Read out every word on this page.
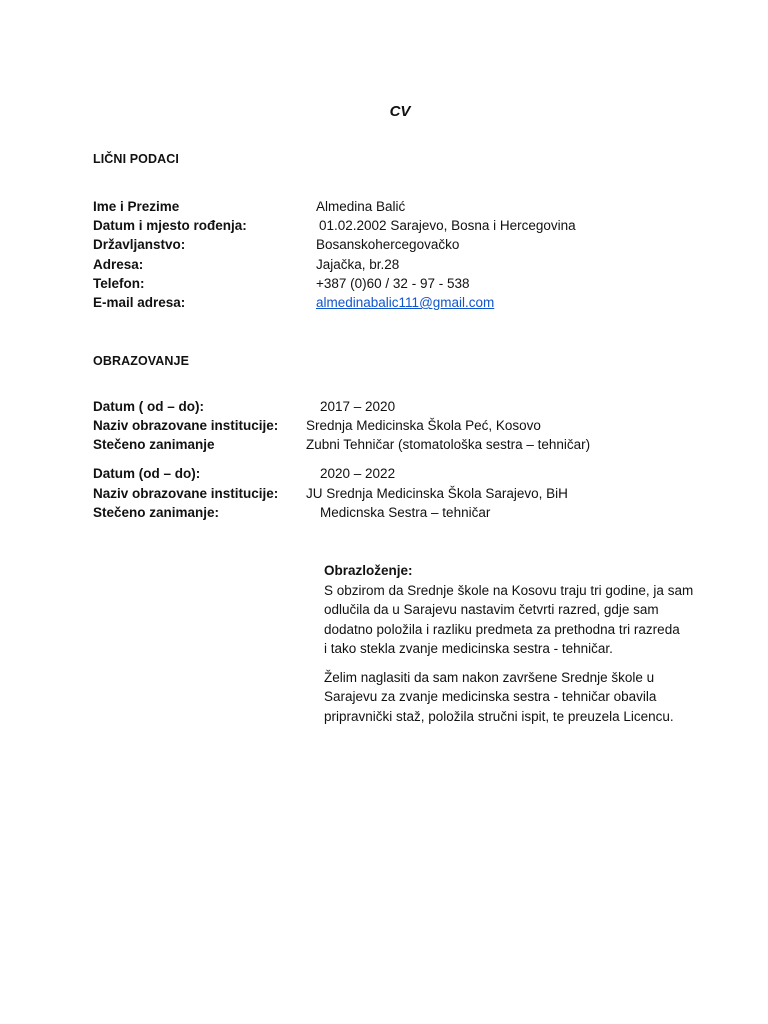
CV
LIČNI PODACI
Ime i Prezime	Almedina Balić
Datum i mjesto rođenja:	01.02.2002 Sarajevo, Bosna i Hercegovina
Državljanstvo:	Bosanskohercegovačko
Adresa:	Jajačka, br.28
Telefon:	+387 (0)60 / 32 - 97 - 538
E-mail adresa:	almedinabalic111@gmail.com
OBRAZOVANJE
Datum ( od – do):	2017 – 2020
Naziv obrazovane institucije: Srednja Medicinska Škola Peć, Kosovo
Stečeno zanimanje	Zubni Tehničar (stomatološka sestra – tehničar)
Datum (od – do):	2020 – 2022
Naziv obrazovane institucije: JU Srednja Medicinska Škola Sarajevo, BiH
Stečeno zanimanje:	Medicnska Sestra – tehničar
Obrazloženje:
S obzirom da Srednje škole na Kosovu traju tri godine, ja sam
odlučila da u Sarajevu nastavim četvrti razred, gdje sam
dodatno položila i razliku predmeta za prethodna tri razreda
i tako stekla zvanje medicinska sestra - tehničar.
Želim naglasiti da sam nakon završene Srednje škole u
Sarajevu za zvanje medicinska sestra - tehničar obavila
pripravnički staž, položila stručni ispit, te preuzela Licencu.
